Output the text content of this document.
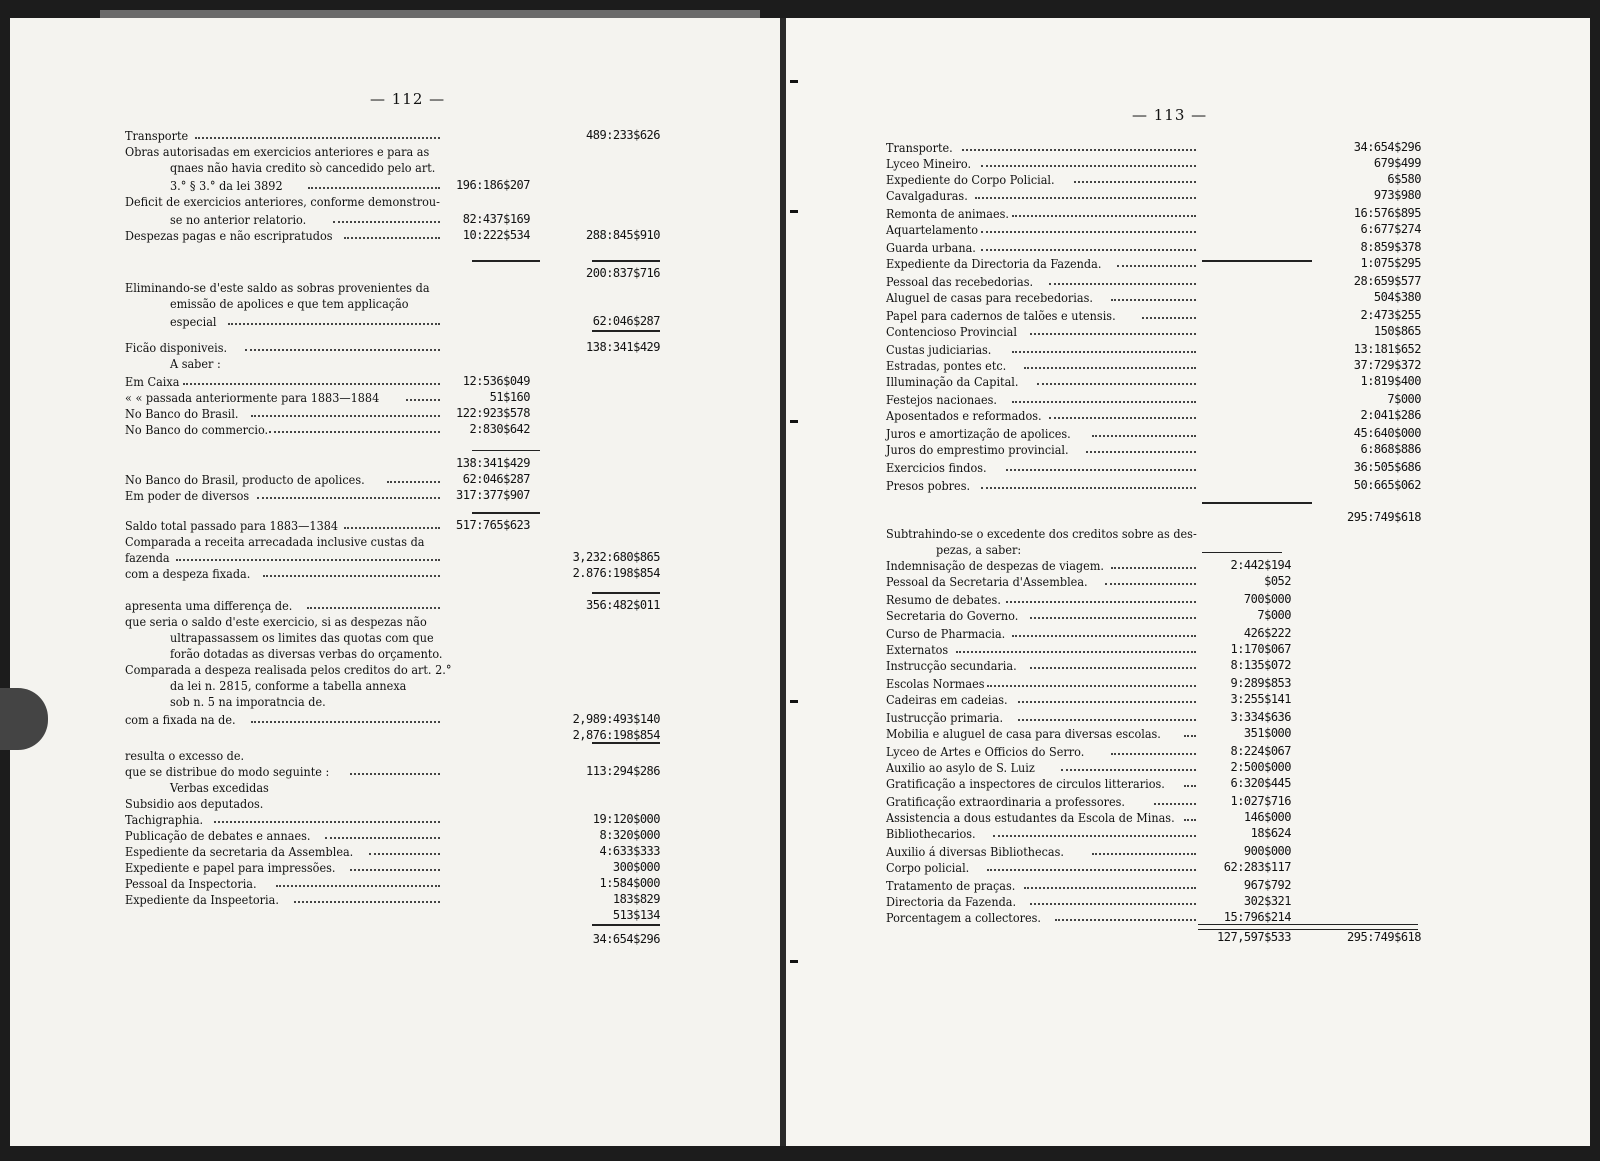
— 112 —
Transporte	489:233$626
Obras autorisadas em exercicios anteriores e para as
qnaes não havia credito sò cancedido pelo art.
3.° § 3.° da lei 3892	196:186$207
Deficit de exercicios anteriores, conforme demonstrou-
se no anterior relatorio.	82:437$169
Despezas pagas e não escripratudos	10:222$534	288:845$910
200:837$716
Eliminando-se d'este saldo as sobras provenientes da
emissão de apolices e que tem applicação
especial	62:046$287
Ficão disponiveis.	138:341$429
A saber :
Em Caixa	12:536$049
« « passada anteriormente para 1883—1884	51$160
No Banco do Brasil.	122:923$578
No Banco do commercio.	2:830$642
138:341$429
No Banco do Brasil, producto de apolices.	62:046$287
Em poder de diversos	317:377$907
Saldo total passado para 1883—1384	517:765$623
Comparada a receita arrecadada inclusive custas da
fazenda	3,232:680$865
com a despeza fixada.	2.876:198$854
apresenta uma differença de.	356:482$011
que seria o saldo d'este exercicio, si as despezas não
ultrapassassem os limites das quotas com que
forão dotadas as diversas verbas do orçamento.
Comparada a despeza realisada pelos creditos do art. 2.°
da lei n. 2815, conforme a tabella annexa
sob n. 5 na imporatncia de.
com a fixada na de.	2,989:493$140
2,876:198$854
resulta o excesso de.
que se distribue do modo seguinte :	113:294$286
Verbas excedidas
Subsidio aos deputados.
Tachigraphia.	19:120$000
Publicação de debates e annaes.	8:320$000
Espediente da secretaria da Assemblea.	4:633$333
Expediente e papel para impressões.	300$000
Pessoal da Inspectoria.	1:584$000
Expediente da Inspeetoria.	183$829
513$134
34:654$296
— 113 —
Transporte.	34:654$296
Lyceo Mineiro.	679$499
Expediente do Corpo Policial.	6$580
Cavalgaduras.	973$980
Remonta de animaes.	16:576$895
Aquartelamento	6:677$274
Guarda urbana.	8:859$378
Expediente da Directoria da Fazenda.	1:075$295
Pessoal das recebedorias.	28:659$577
Aluguel de casas para recebedorias.	504$380
Papel para cadernos de talões e utensis.	2:473$255
Contencioso Provincial	150$865
Custas judiciarias.	13:181$652
Estradas, pontes etc.	37:729$372
Illuminação da Capital.	1:819$400
Festejos nacionaes.	7$000
Aposentados e reformados.	2:041$286
Juros e amortização de apolices.	45:640$000
Juros do emprestimo provincial.	6:868$886
Exercicios findos.	36:505$686
Presos pobres.	50:665$062
295:749$618
Subtrahindo-se o excedente dos creditos sobre as des-
pezas, a saber:
Indemnisação de despezas de viagem.	2:442$194
Pessoal da Secretaria d'Assemblea.	$052
Resumo de debates.	700$000
Secretaria do Governo.	7$000
Curso de Pharmacia.	426$222
Externatos	1:170$067
Instrucção secundaria.	8:135$072
Escolas Normaes	9:289$853
Cadeiras em cadeias.	3:255$141
Iustrucção primaria.	3:334$636
Mobilia e aluguel de casa para diversas escolas.	351$000
Lyceo de Artes e Officios do Serro.	8:224$067
Auxilio ao asylo de S. Luiz	2:500$000
Gratificação a inspectores de circulos litterarios.	6:320$445
Gratificação extraordinaria a professores.	1:027$716
Assistencia a dous estudantes da Escola de Minas.	146$000
Bibliothecarios.	18$624
Auxilio á diversas Bibliothecas.	900$000
Corpo policial.	62:283$117
Tratamento de praças.	967$792
Directoria da Fazenda.	302$321
Porcentagem a collectores.	15:796$214
127,597$533	295:749$618
